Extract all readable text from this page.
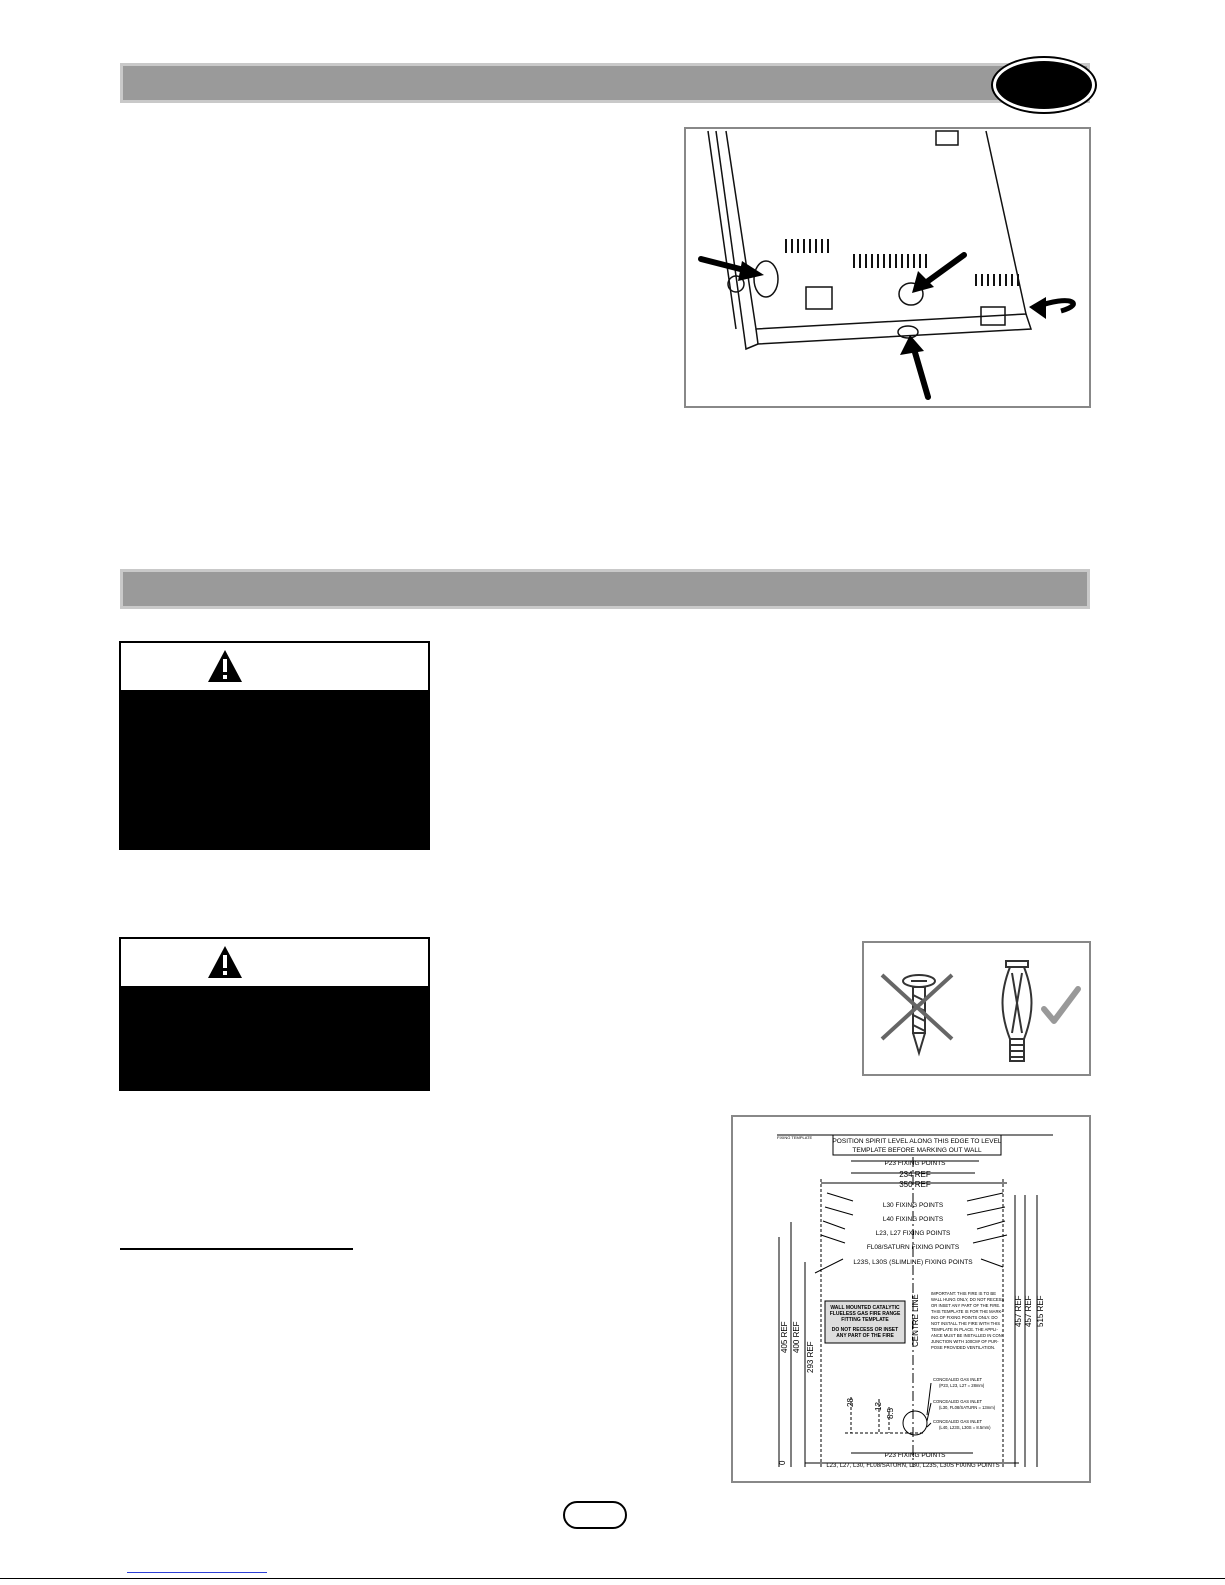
FIXING TEMPLATE
POSITION SPIRIT LEVEL ALONG THIS EDGE TO LEVEL
TEMPLATE BEFORE MARKING OUT WALL
P23 FIXING POINTS
234 REF
350 REF
L30 FIXING POINTS
L40 FIXING POINTS
L23, L27 FIXING POINTS
FL08/SATURN FIXING POINTS
L23S, L30S (SLIMLINE) FIXING POINTS
CENTRE LINE
WALL MOUNTED CATALYTIC
FLUELESS GAS FIRE RANGE
FITTING TEMPLATE
DO NOT RECESS OR INSET
ANY PART OF THE FIRE
IMPORTANT: THIS FIRE IS TO BE
WALL HUNG ONLY, DO NOT RECESS
OR INSET ANY PART OF THE FIRE.
THIS TEMPLATE IS FOR THE MARK-
ING OF FIXING POINTS ONLY. DO
NOT INSTALL THE FIRE WITH THIS
TEMPLATE IN PLACE. THE APPLI-
ANCE MUST BE INSTALLED IN CON-
JUNCTION WITH 100CM² OF PUR-
POSE PROVIDED VENTILATION.
CONCEALED GAS INLET
(P23, L23, L27 = 28mm)
CONCEALED GAS INLET
(L30, FL08/SATURN = 13mm)
CONCEALED GAS INLET
(L40, L23S, L30S = 8.5mm)
P23 FIXING POINTS
L23, L27, L30, FL08/SATURN, L30, L23S, L30S FIXING POINTS
405 REF 400 REF
293 REF
0
28 13
8.5
457 REF 457 REF 515 REF
